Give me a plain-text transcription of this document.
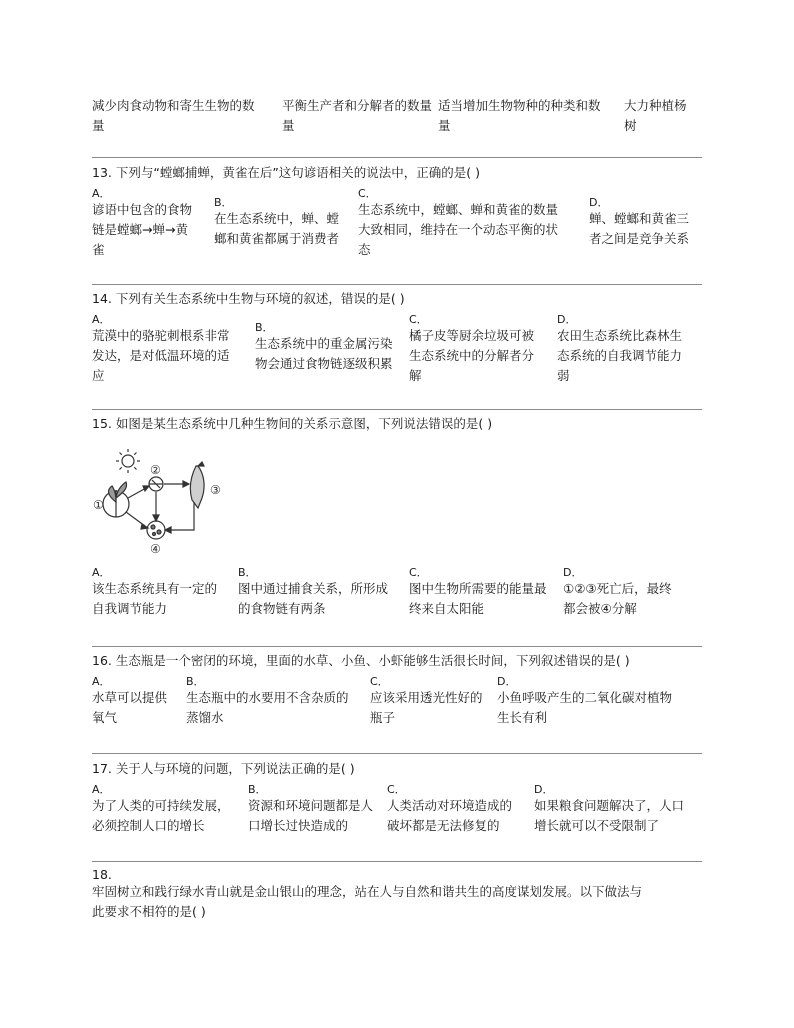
减少肉食动物和寄生生物的数
量
平衡生产者和分解者的数量
量
适当增加生物物种的种类和数
量
大力种植杨
树
13. 下列与“螳螂捕蝉，黄雀在后”这句谚语相关的说法中，正确的是( )
A．
谚语中包含的食物
链是螳螂→蝉→黄
雀
B．
在生态系统中，蝉、螳
螂和黄雀都属于消费者
C．
生态系统中，螳螂、蝉和黄雀的数量
大致相同，维持在一个动态平衡的状
态
D．
蝉、螳螂和黄雀三
者之间是竞争关系
14. 下列有关生态系统中生物与环境的叙述，错误的是( )
A．
荒漠中的骆驼刺根系非常
发达，是对低温环境的适
应
B．
生态系统中的重金属污染
物会通过食物链逐级积累
C．
橘子皮等厨余垃圾可被
生态系统中的分解者分
解
D．
农田生态系统比森林生
态系统的自我调节能力
弱
15. 如图是某生态系统中几种生物间的关系示意图，下列说法错误的是( )
①
②
③
④
A．
该生态系统具有一定的
自我调节能力
B．
图中通过捕食关系，所形成
的食物链有两条
C．
图中生物所需要的能量最
终来自太阳能
D．
①②③死亡后，最终
都会被④分解
16. 生态瓶是一个密闭的环境，里面的水草、小鱼、小虾能够生活很长时间，下列叙述错误的是( )
A．
水草可以提供
氧气
B．
生态瓶中的水要用不含杂质的
蒸馏水
C．
应该采用透光性好的
瓶子
D．
小鱼呼吸产生的二氧化碳对植物
生长有利
17. 关于人与环境的问题，下列说法正确的是( )
A．
为了人类的可持续发展，
必须控制人口的增长
B．
资源和环境问题都是人
口增长过快造成的
C．
人类活动对环境造成的
破坏都是无法修复的
D．
如果粮食问题解决了，人口
增长就可以不受限制了
18.
牢固树立和践行绿水青山就是金山银山的理念，站在人与自然和谐共生的高度谋划发展。以下做法与
此要求不相符的是( )
